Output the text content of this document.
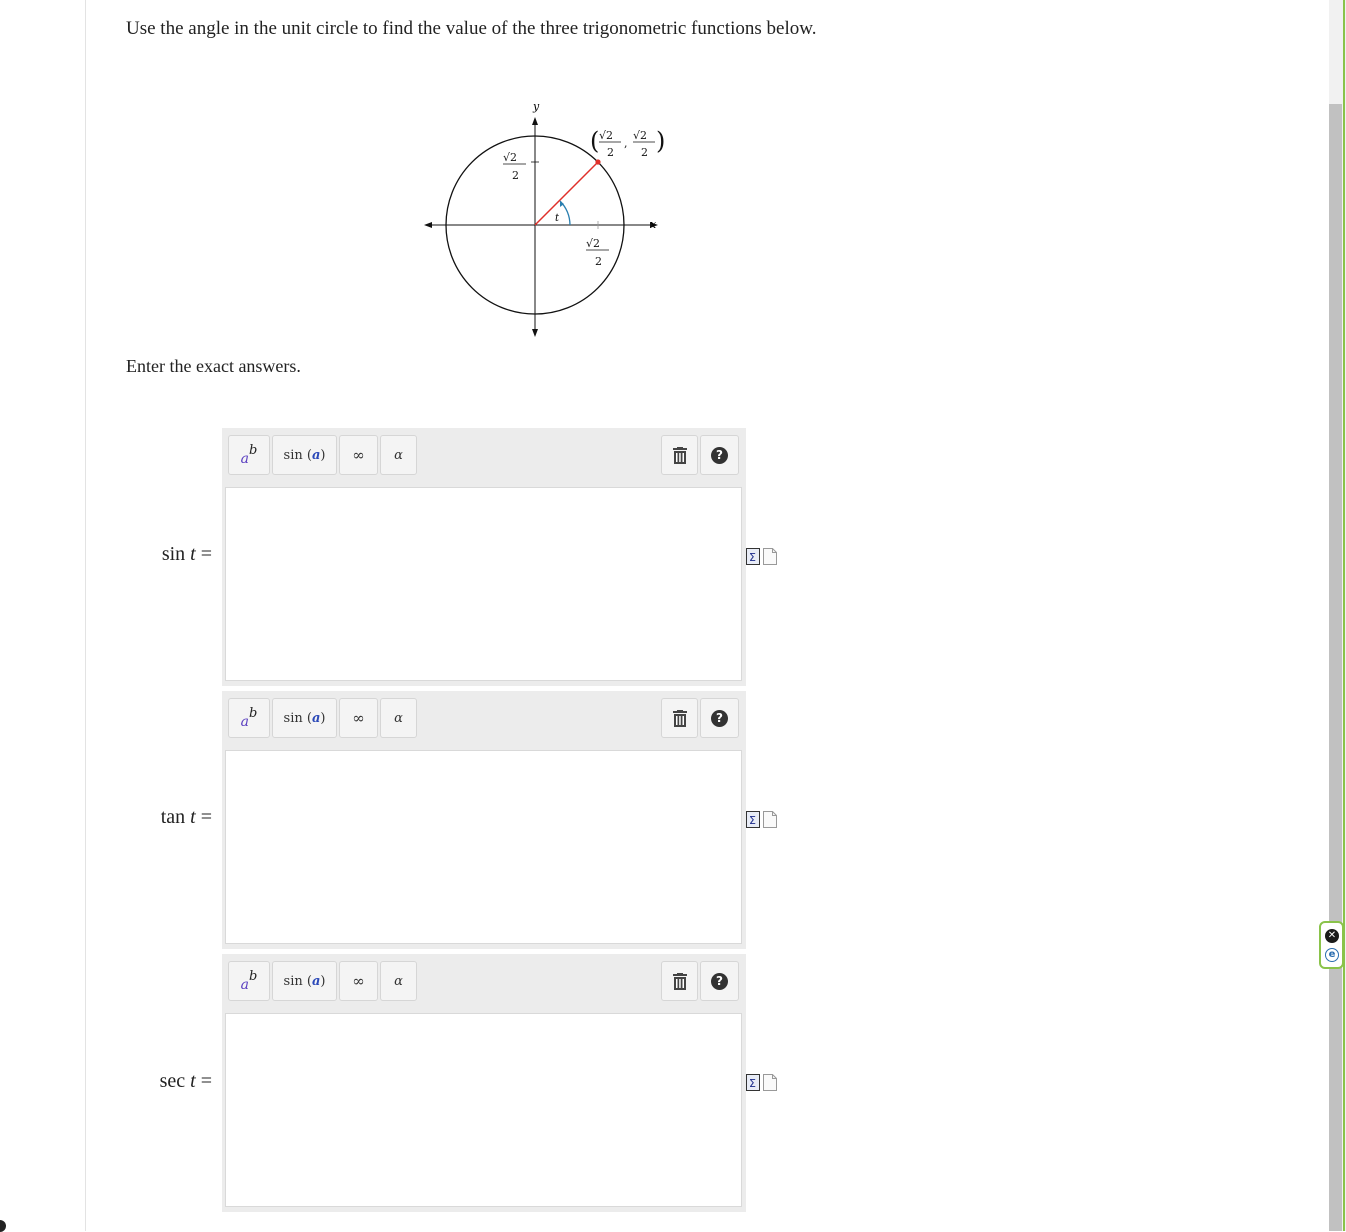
Use the angle in the unit circle to find the value of the three trigonometric functions below.

t	x
y
√2
2
√2
2
( √2
2
,
√2
2 )

Enter the exact answers.

sin t =
a
b sin ( a )	∞	α	?
Σ
tan t =
a
b sin ( a )	∞	α	?
Σ
sec t =
a
b sin ( a )	∞	α	?
Σ
✕
e
